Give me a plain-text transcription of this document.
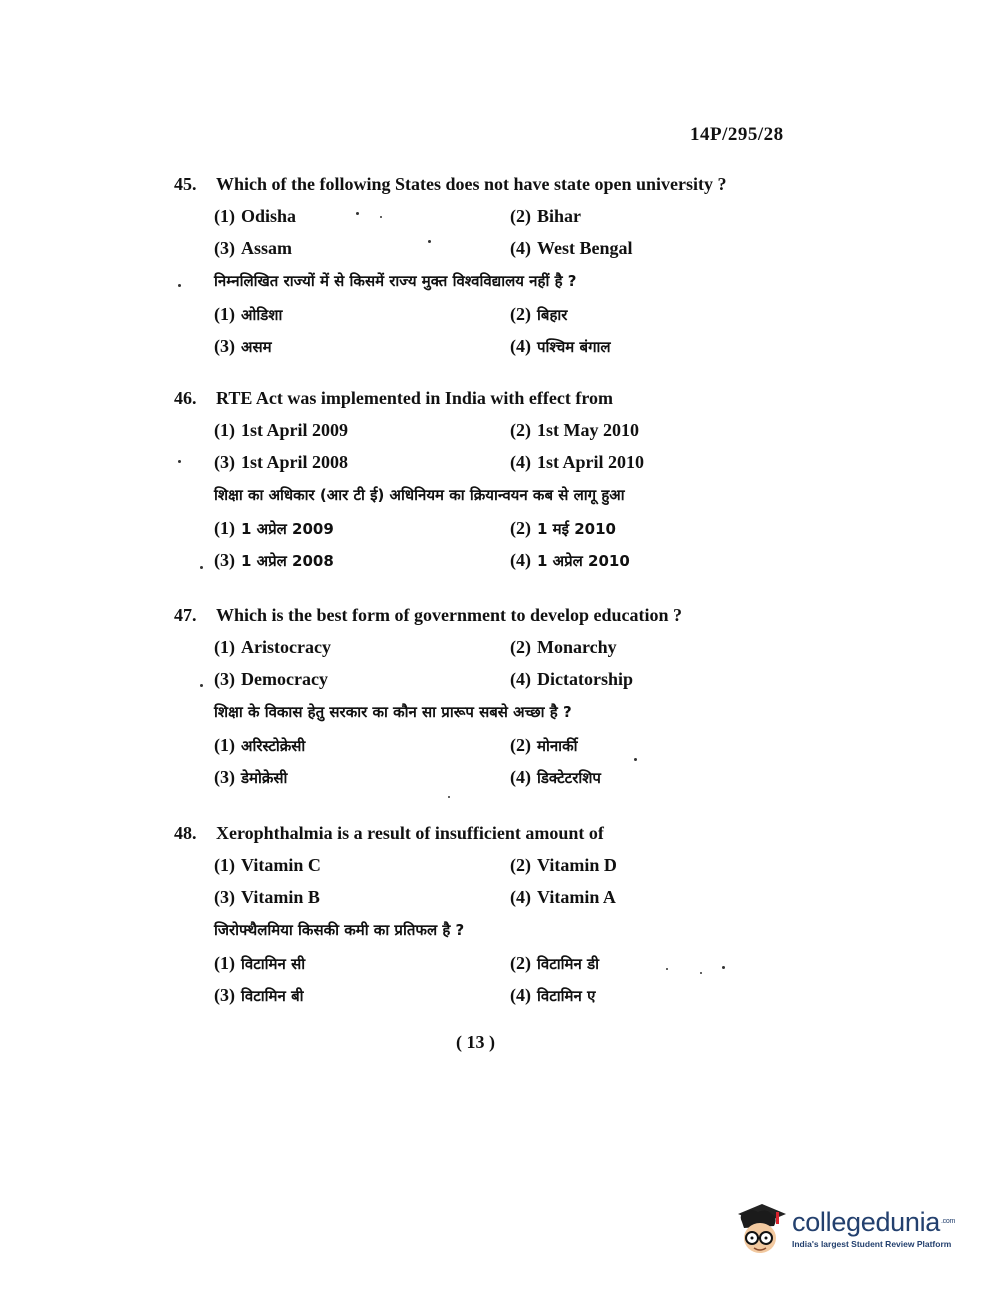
14P/295/28
45.	Which of the following States does not have state open university ?
(1) Odisha	(2) Bihar
(3) Assam	(4) West Bengal
निम्नलिखित राज्यों में से किसमें राज्य मुक्त विश्वविद्यालय नहीं है ?
(1) ओडिशा	(2) बिहार
(3) असम	(4) पश्चिम बंगाल
46.	RTE Act was implemented in India with effect from
(1) 1st April 2009	(2) 1st May 2010
(3) 1st April 2008	(4) 1st April 2010
शिक्षा का अधिकार (आर टी ई) अधिनियम का क्रियान्वयन कब से लागू हुआ
(1) 1 अप्रेल 2009	(2) 1 मई 2010
(3) 1 अप्रेल 2008	(4) 1 अप्रेल 2010
47.	Which is the best form of government to develop education ?
(1) Aristocracy	(2) Monarchy
(3) Democracy	(4) Dictatorship
शिक्षा के विकास हेतु सरकार का कौन सा प्रारूप सबसे अच्छा है ?
(1) अरिस्टोक्रेसी	(2) मोनार्की
(3) डेमोक्रेसी	(4) डिक्टेटरशिप
48.	Xerophthalmia is a result of insufficient amount of
(1) Vitamin C	(2) Vitamin D
(3) Vitamin B	(4) Vitamin A
जिरोफ्थैलमिया किसकी कमी का प्रतिफल है ?
(1) विटामिन सी	(2) विटामिन डी
(3) विटामिन बी	(4) विटामिन ए
( 13 )
collegedunia$^{.com}$
India's largest Student Review Platform
